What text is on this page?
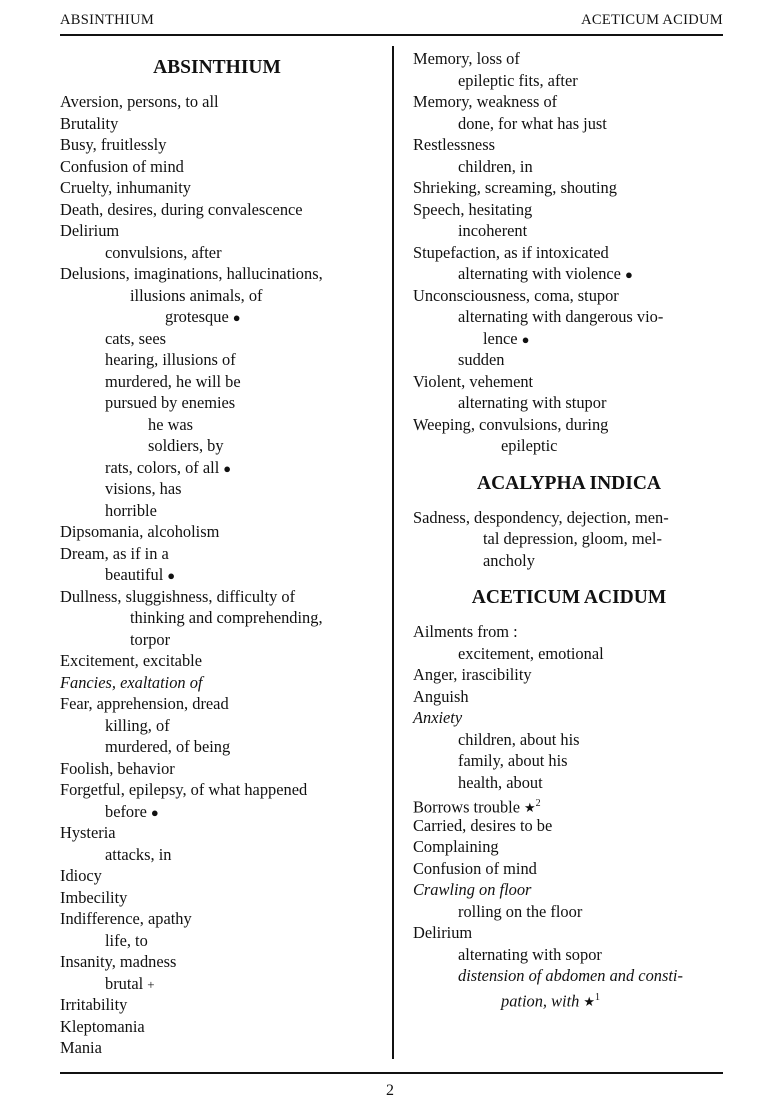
ABSINTHIUM	ACETICUM ACIDUM
ABSINTHIUM
Aversion, persons, to all
Brutality
Busy, fruitlessly
Confusion of mind
Cruelty, inhumanity
Death, desires, during convalescence
Delirium
convulsions, after
Delusions, imaginations, hallucinations,
illusions animals, of
grotesque ●
cats, sees
hearing, illusions of
murdered, he will be
pursued by enemies
he was
soldiers, by
rats, colors, of all ●
visions, has
horrible
Dipsomania, alcoholism
Dream, as if in a
beautiful ●
Dullness, sluggishness, difficulty of
thinking and comprehending,
torpor
Excitement, excitable
Fancies, exaltation of
Fear, apprehension, dread
killing, of
murdered, of being
Foolish, behavior
Forgetful, epilepsy, of what happened
before ●
Hysteria
attacks, in
Idiocy
Imbecility
Indifference, apathy
life, to
Insanity, madness
brutal +
Irritability
Kleptomania
Mania
Memory, loss of
epileptic fits, after
Memory, weakness of
done, for what has just
Restlessness
children, in
Shrieking, screaming, shouting
Speech, hesitating
incoherent
Stupefaction, as if intoxicated
alternating with violence ●
Unconsciousness, coma, stupor
alternating with dangerous vio-
lence ●
sudden
Violent, vehement
alternating with stupor
Weeping, convulsions, during
epileptic
ACALYPHA INDICA
Sadness, despondency, dejection, men-
tal depression, gloom, mel-
ancholy
ACETICUM ACIDUM
Ailments from :
excitement, emotional
Anger, irascibility
Anguish
Anxiety
children, about his
family, about his
health, about
Borrows trouble ★$^2$
Carried, desires to be
Complaining
Confusion of mind
Crawling on floor
rolling on the floor
Delirium
alternating with sopor
distension of abdomen and consti-
pation, with ★$^1$
2
